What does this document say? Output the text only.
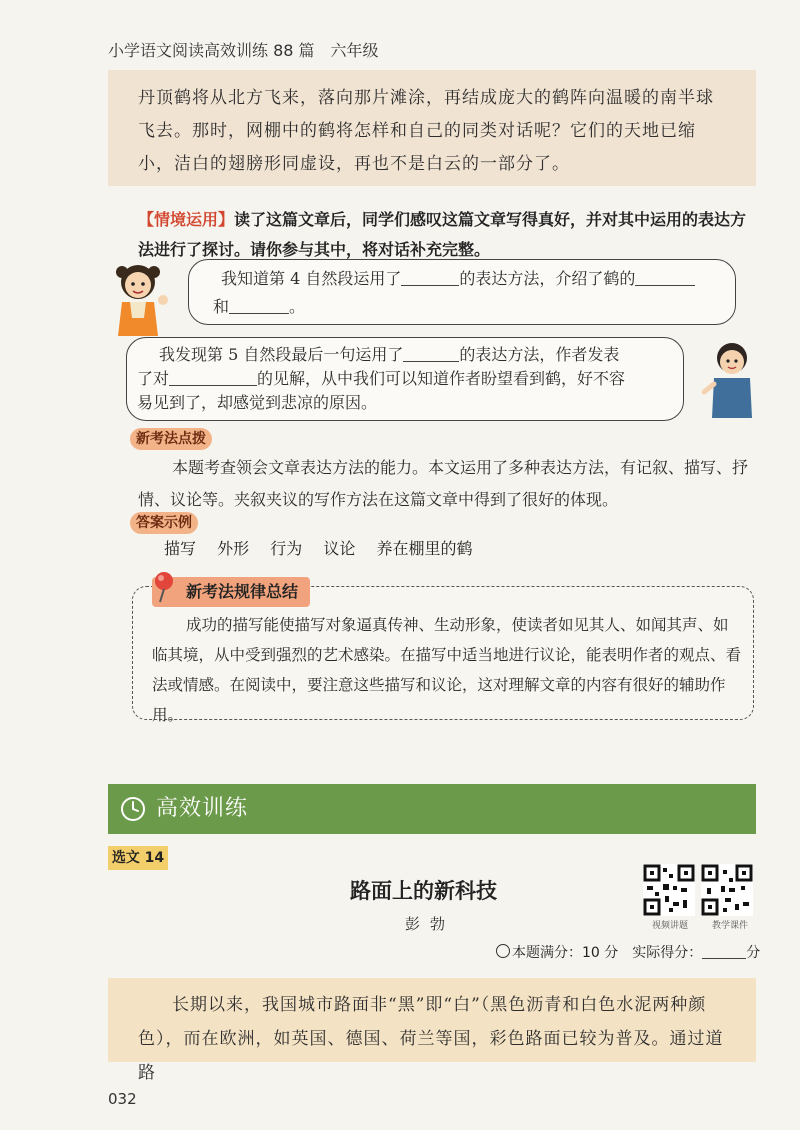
小学语文阅读高效训练 88 篇　六年级
丹顶鹤将从北方飞来，落向那片滩涂，再结成庞大的鹤阵向温暖的南半球飞去。那时，网棚中的鹤将怎样和自己的同类对话呢？它们的天地已缩小，洁白的翅膀形同虚设，再也不是白云的一部分了。
【情境运用】读了这篇文章后，同学们感叹这篇文章写得真好，并对其中运用的表达方法进行了探讨。请你参与其中，将对话补充完整。
我知道第 4 自然段运用了	的表达方法，介绍了鹤的
和	。
我发现第 5 自然段最后一句运用了	的表达方法，作者发表
了对	的见解，从中我们可以知道作者盼望看到鹤，好不容
易见到了，却感觉到悲凉的原因。
新考法点拨
本题考查领会文章表达方法的能力。本文运用了多种表达方法，有记叙、描写、抒情、议论等。夹叙夹议的写作方法在这篇文章中得到了很好的体现。
答案示例
描写 外形 行为 议论 养在棚里的鹤
新考法规律总结
成功的描写能使描写对象逼真传神、生动形象，使读者如见其人、如闻其声、如临其境，从中受到强烈的艺术感染。在描写中适当地进行议论，能表明作者的观点、看法或情感。在阅读中，要注意这些描写和议论，这对理解文章的内容有很好的辅助作用。
高效训练
选文 14
路面上的新科技
彭勃	视频讲题	教学课件
本题满分：10 分　实际得分：	分
长期以来，我国城市路面非“黑”即“白”（黑色沥青和白色水泥两种颜色），而在欧洲，如英国、德国、荷兰等国，彩色路面已较为普及。通过道路
032
